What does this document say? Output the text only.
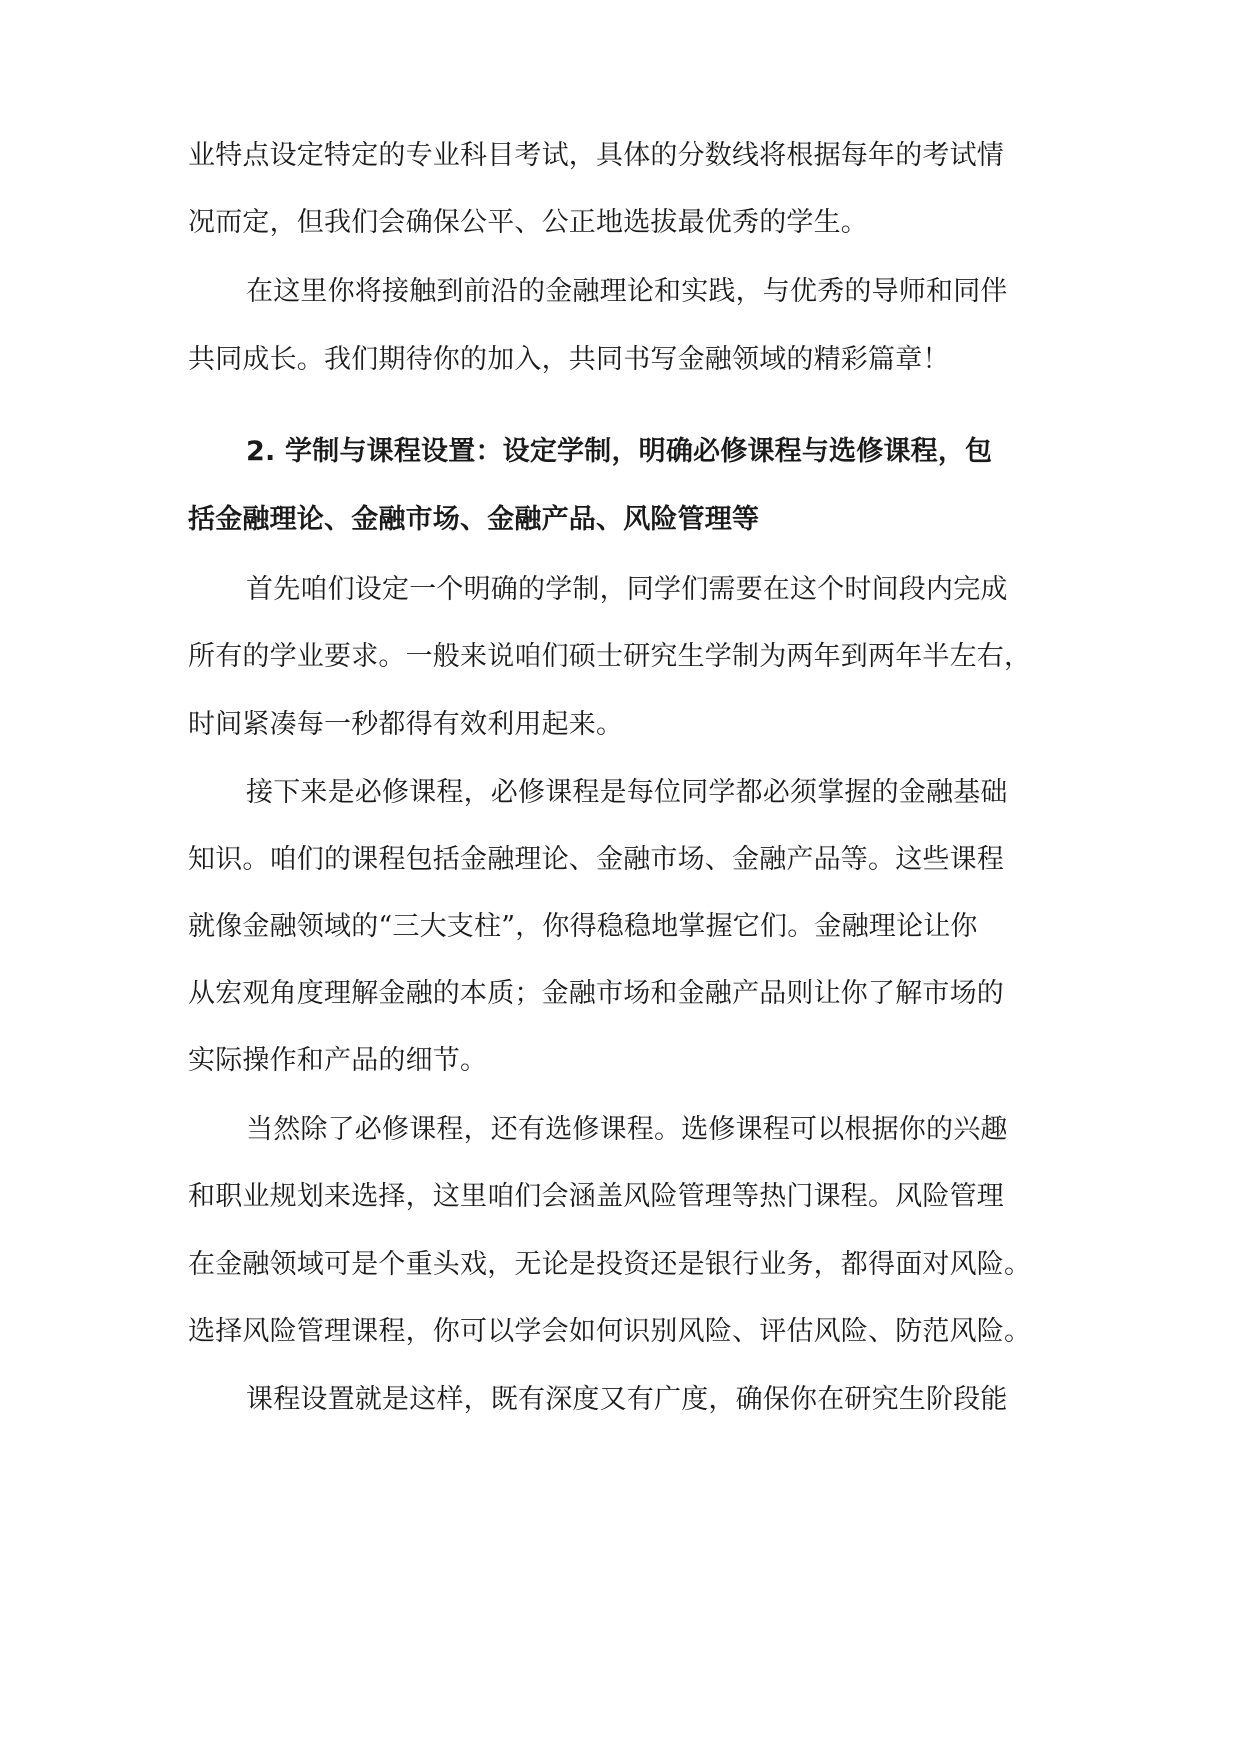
业特点设定特定的专业科目考试，具体的分数线将根据每年的考试情
况而定，但我们会确保公平、公正地选拔最优秀的学生。
在这里你将接触到前沿的金融理论和实践，与优秀的导师和同伴
共同成长。我们期待你的加入，共同书写金融领域的精彩篇章！
2. 学制与课程设置：设定学制，明确必修课程与选修课程，包
括金融理论、金融市场、金融产品、风险管理等
首先咱们设定一个明确的学制，同学们需要在这个时间段内完成
所有的学业要求。一般来说咱们硕士研究生学制为两年到两年半左右，
时间紧凑每一秒都得有效利用起来。
接下来是必修课程，必修课程是每位同学都必须掌握的金融基础
知识。咱们的课程包括金融理论、金融市场、金融产品等。这些课程
就像金融领域的“三大支柱”，你得稳稳地掌握它们。金融理论让你
从宏观角度理解金融的本质；金融市场和金融产品则让你了解市场的
实际操作和产品的细节。
当然除了必修课程，还有选修课程。选修课程可以根据你的兴趣
和职业规划来选择，这里咱们会涵盖风险管理等热门课程。风险管理
在金融领域可是个重头戏，无论是投资还是银行业务，都得面对风险。
选择风险管理课程，你可以学会如何识别风险、评估风险、防范风险。
课程设置就是这样，既有深度又有广度，确保你在研究生阶段能
